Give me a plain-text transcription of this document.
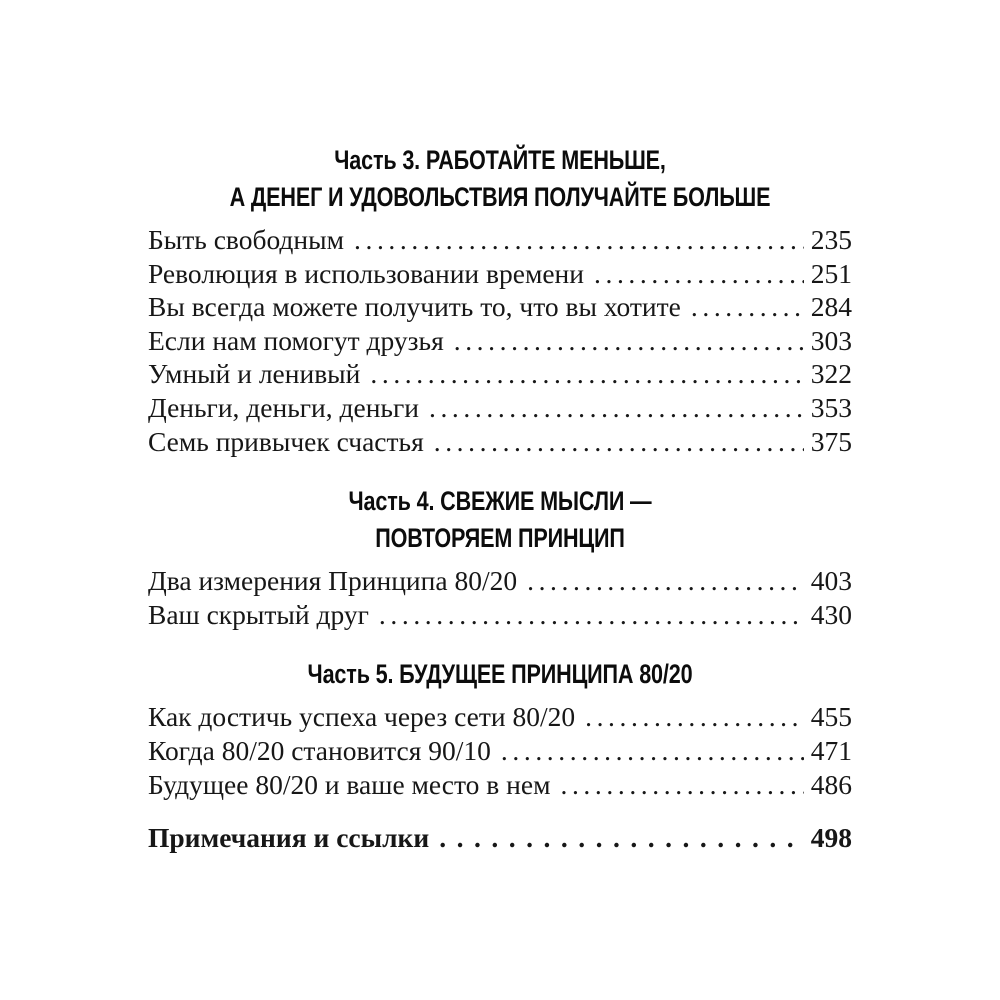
Часть 3. РАБОТАЙТЕ МЕНЬШЕ,
А ДЕНЕГ И УДОВОЛЬСТВИЯ ПОЛУЧАЙТЕ БОЛЬШЕ
Быть свободным .....	235
Революция в использовании времени .....	251
Вы всегда можете получить то, что вы хотите .....	284
Если нам помогут друзья .....	303
Умный и ленивый .....	322
Деньги, деньги, деньги .....	353
Семь привычек счастья .....	375
Часть 4. СВЕЖИЕ МЫСЛИ —
ПОВТОРЯЕМ ПРИНЦИП
Два измерения Принципа 80/20 .....	403
Ваш скрытый друг .....	430
Часть 5. БУДУЩЕЕ ПРИНЦИПА 80/20
Как достичь успеха через сети 80/20 .....	455
Когда 80/20 становится 90/10 .....	471
Будущее 80/20 и ваше место в нем .....	486
Примечания и ссылки .....	498
